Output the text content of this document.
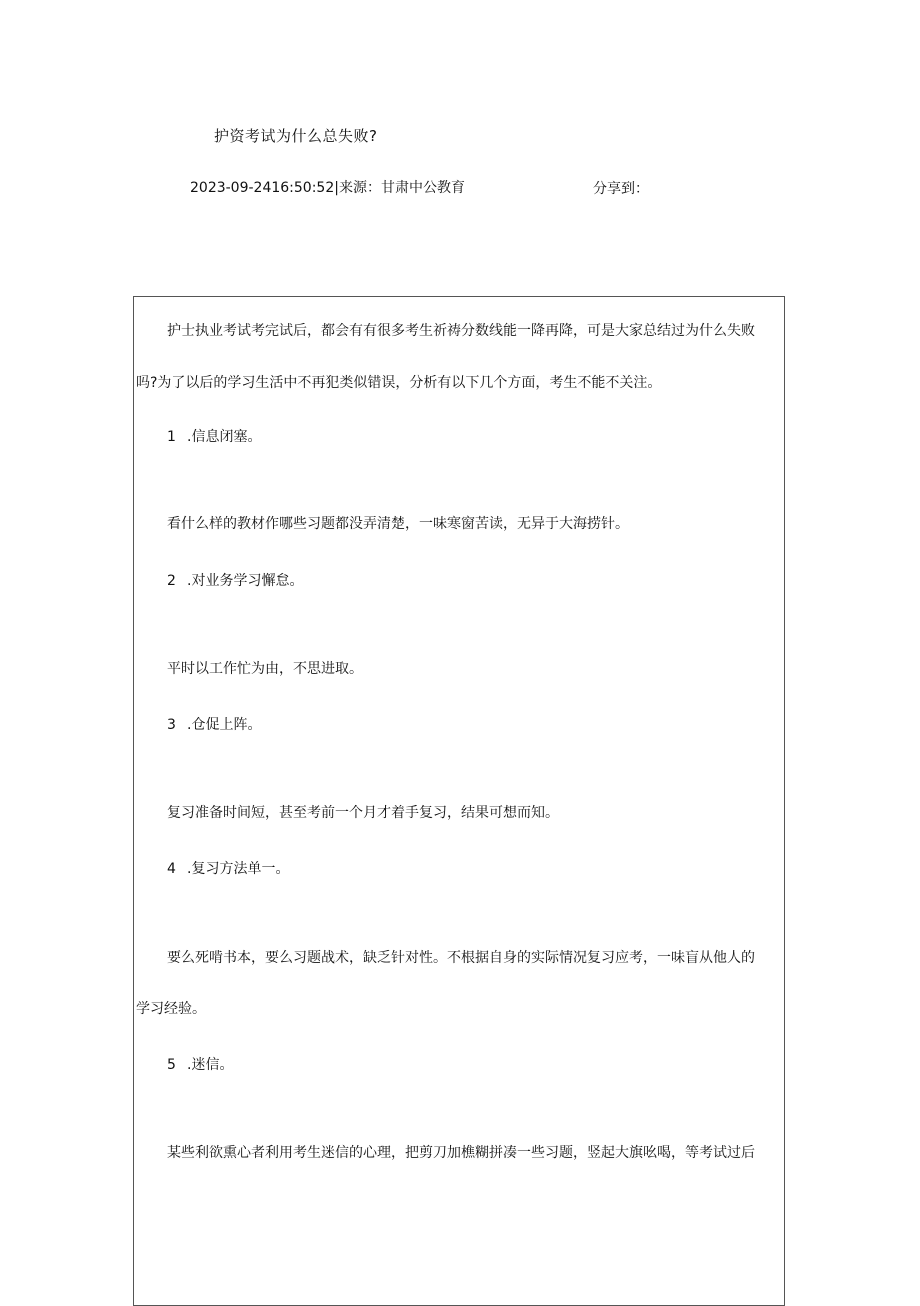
护资考试为什么总失败?
2023-09-2416:50:52|来源：甘肃中公教育	分享到：
护士执业考试考完试后，都会有有很多考生祈祷分数线能一降再降，可是大家总结过为什么失败
吗?为了以后的学习生活中不再犯类似错误，分析有以下几个方面，考生不能不关注。
1 .信息闭塞。
看什么样的教材作哪些习题都没弄清楚，一味寒窗苦读，无异于大海捞针。
2 .对业务学习懈怠。
平时以工作忙为由，不思进取。
3 .仓促上阵。
复习准备时间短，甚至考前一个月才着手复习，结果可想而知。
4 .复习方法单一。
要么死啃书本，要么习题战术，缺乏针对性。不根据自身的实际情况复习应考，一味盲从他人的
学习经验。
5 .迷信。
某些利欲熏心者利用考生迷信的心理，把剪刀加樵糊拼凑一些习题，竖起大旗吆喝，等考试过后
